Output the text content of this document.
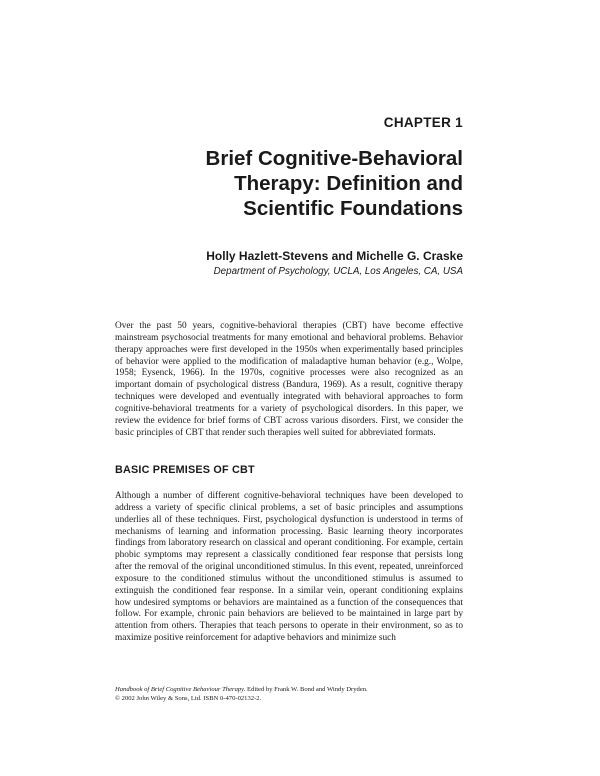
CHAPTER 1
Brief Cognitive-Behavioral
Therapy: Definition and
Scientific Foundations
Holly Hazlett-Stevens and Michelle G. Craske
Department of Psychology, UCLA, Los Angeles, CA, USA

Over the past 50 years, cognitive-behavioral therapies (CBT) have become effective mainstream psychosocial treatments for many emotional and behavioral problems. Behavior therapy approaches were first developed in the 1950s when experimentally based principles of behavior were applied to the modification of maladaptive human behavior (e.g., Wolpe, 1958; Eysenck, 1966). In the 1970s, cognitive processes were also recognized as an important domain of psychological distress (Bandura, 1969). As a result, cognitive therapy techniques were developed and eventually integrated with behavioral approaches to form cognitive-behavioral treatments for a variety of psychological disorders. In this paper, we review the evidence for brief forms of CBT across various disorders. First, we consider the basic principles of CBT that render such therapies well suited for abbreviated formats.

BASIC PREMISES OF CBT

Although a number of different cognitive-behavioral techniques have been developed to address a variety of specific clinical problems, a set of basic principles and assumptions underlies all of these techniques. First, psychological dysfunction is understood in terms of mechanisms of learning and information processing. Basic learning theory incorporates findings from laboratory research on classical and operant conditioning. For example, certain phobic symptoms may represent a classically conditioned fear response that persists long after the removal of the original unconditioned stimulus. In this event, repeated, unreinforced exposure to the conditioned stimulus without the unconditioned stimulus is assumed to extinguish the conditioned fear response. In a similar vein, operant conditioning explains how undesired symptoms or behaviors are maintained as a function of the consequences that follow. For example, chronic pain behaviors are believed to be maintained in large part by attention from others. Therapies that teach persons to operate in their environment, so as to maximize positive reinforcement for adaptive behaviors and minimize such

Handbook of Brief Cognitive Behaviour Therapy. Edited by Frank W. Bond and Windy Dryden.
© 2002 John Wiley & Sons, Ltd. ISBN 0-470-02132-2.
